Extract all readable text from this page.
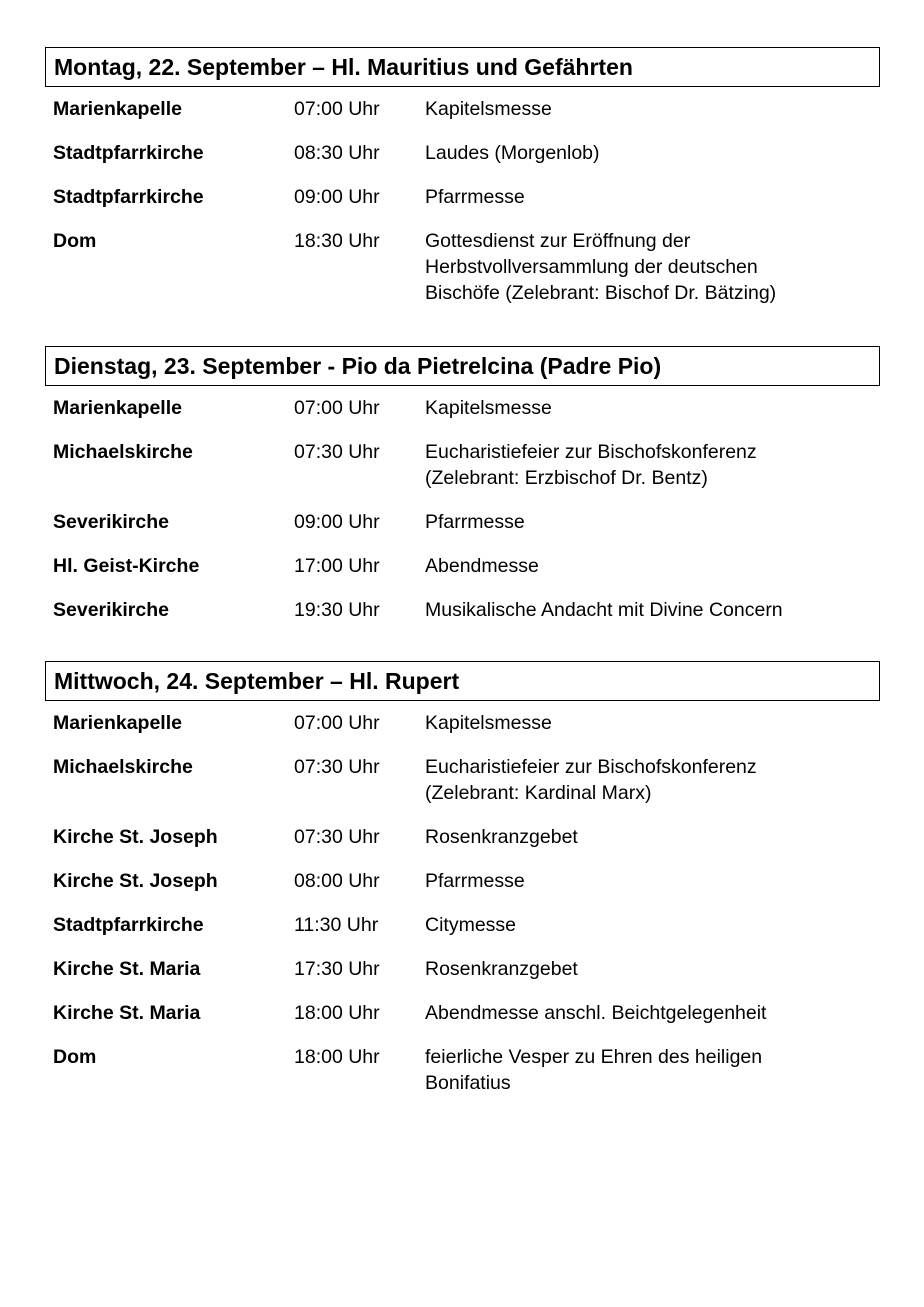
Montag, 22. September – Hl. Mauritius und Gefährten
Marienkapelle	07:00 Uhr Kapitelsmesse
Stadtpfarrkirche	08:30 Uhr Laudes (Morgenlob)
Stadtpfarrkirche	09:00 Uhr Pfarrmesse
Dom	18:30 Uhr Gottesdienst zur Eröffnung der
Herbstvollversammlung der deutschen
Bischöfe (Zelebrant: Bischof Dr. Bätzing)
Dienstag, 23. September - Pio da Pietrelcina (Padre Pio)
Marienkapelle	07:00 Uhr Kapitelsmesse
Michaelskirche	07:30 Uhr Eucharistiefeier zur Bischofskonferenz
(Zelebrant: Erzbischof Dr. Bentz)
Severikirche	09:00 Uhr Pfarrmesse
Hl. Geist-Kirche	17:00 Uhr Abendmesse
Severikirche	19:30 Uhr Musikalische Andacht mit Divine Concern
Mittwoch, 24. September – Hl. Rupert
Marienkapelle	07:00 Uhr Kapitelsmesse
Michaelskirche	07:30 Uhr Eucharistiefeier zur Bischofskonferenz
(Zelebrant: Kardinal Marx)
Kirche St. Joseph	07:30 Uhr Rosenkranzgebet
Kirche St. Joseph	08:00 Uhr Pfarrmesse
Stadtpfarrkirche	11:30 Uhr Citymesse
Kirche St. Maria	17:30 Uhr Rosenkranzgebet
Kirche St. Maria	18:00 Uhr Abendmesse anschl. Beichtgelegenheit
Dom	18:00 Uhr feierliche Vesper zu Ehren des heiligen
Bonifatius
